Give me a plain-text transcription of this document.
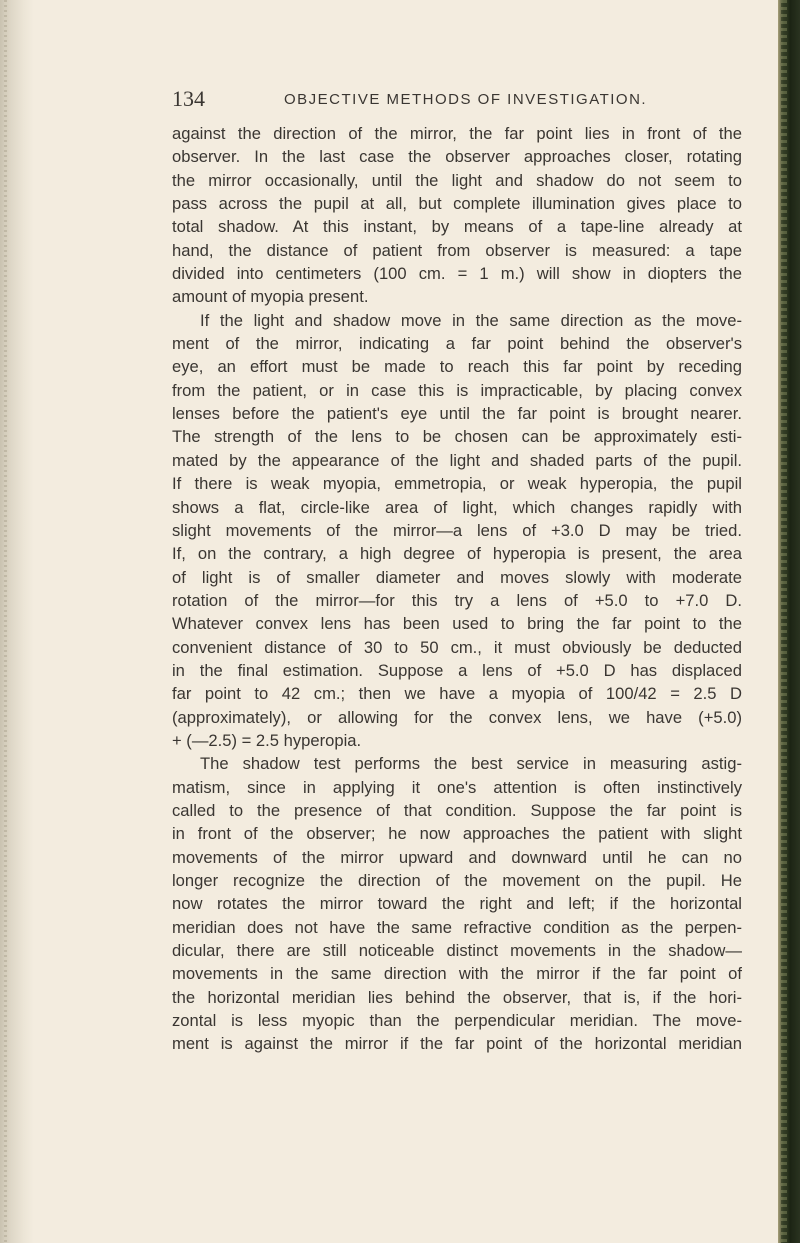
134	OBJECTIVE METHODS OF INVESTIGATION.
against the direction of the mirror, the far point lies in front of the
observer. In the last case the observer approaches closer, rotating
the mirror occasionally, until the light and shadow do not seem to
pass across the pupil at all, but complete illumination gives place to
total shadow. At this instant, by means of a tape-line already at
hand, the distance of patient from observer is measured: a tape
divided into centimeters (100 cm. = 1 m.) will show in diopters the
amount of myopia present.
If the light and shadow move in the same direction as the move-
ment of the mirror, indicating a far point behind the observer's
eye, an effort must be made to reach this far point by receding
from the patient, or in case this is impracticable, by placing convex
lenses before the patient's eye until the far point is brought nearer.
The strength of the lens to be chosen can be approximately esti-
mated by the appearance of the light and shaded parts of the pupil.
If there is weak myopia, emmetropia, or weak hyperopia, the pupil
shows a flat, circle-like area of light, which changes rapidly with
slight movements of the mirror—a lens of +3.0 D may be tried.
If, on the contrary, a high degree of hyperopia is present, the area
of light is of smaller diameter and moves slowly with moderate
rotation of the mirror—for this try a lens of +5.0 to +7.0 D.
Whatever convex lens has been used to bring the far point to the
convenient distance of 30 to 50 cm., it must obviously be deducted
in the final estimation. Suppose a lens of +5.0 D has displaced
far point to 42 cm.; then we have a myopia of 100/42 = 2.5 D
(approximately), or allowing for the convex lens, we have (+5.0)
+ (—2.5) = 2.5 hyperopia.
The shadow test performs the best service in measuring astig-
matism, since in applying it one's attention is often instinctively
called to the presence of that condition. Suppose the far point is
in front of the observer; he now approaches the patient with slight
movements of the mirror upward and downward until he can no
longer recognize the direction of the movement on the pupil. He
now rotates the mirror toward the right and left; if the horizontal
meridian does not have the same refractive condition as the perpen-
dicular, there are still noticeable distinct movements in the shadow—
movements in the same direction with the mirror if the far point of
the horizontal meridian lies behind the observer, that is, if the hori-
zontal is less myopic than the perpendicular meridian. The move-
ment is against the mirror if the far point of the horizontal meridian
